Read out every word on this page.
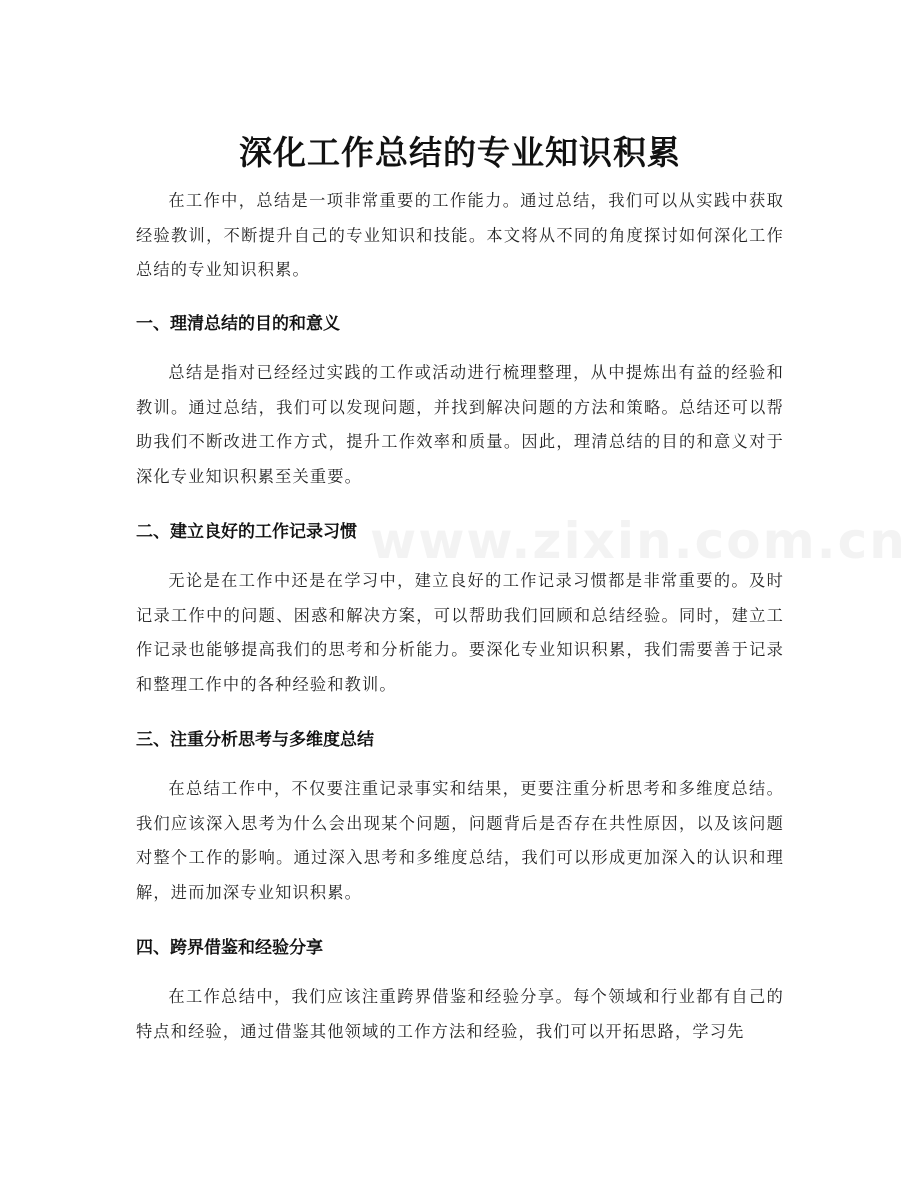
www.zixin.com.cn
深化工作总结的专业知识积累

在工作中，总结是一项非常重要的工作能力。通过总结，我们可以从实践中获取经验教训，不断提升自己的专业知识和技能。本文将从不同的角度探讨如何深化工作总结的专业知识积累。

一、理清总结的目的和意义

总结是指对已经经过实践的工作或活动进行梳理整理，从中提炼出有益的经验和教训。通过总结，我们可以发现问题，并找到解决问题的方法和策略。总结还可以帮助我们不断改进工作方式，提升工作效率和质量。因此，理清总结的目的和意义对于深化专业知识积累至关重要。

二、建立良好的工作记录习惯

无论是在工作中还是在学习中，建立良好的工作记录习惯都是非常重要的。及时记录工作中的问题、困惑和解决方案，可以帮助我们回顾和总结经验。同时，建立工作记录也能够提高我们的思考和分析能力。要深化专业知识积累，我们需要善于记录和整理工作中的各种经验和教训。

三、注重分析思考与多维度总结

在总结工作中，不仅要注重记录事实和结果，更要注重分析思考和多维度总结。我们应该深入思考为什么会出现某个问题，问题背后是否存在共性原因，以及该问题对整个工作的影响。通过深入思考和多维度总结，我们可以形成更加深入的认识和理解，进而加深专业知识积累。

四、跨界借鉴和经验分享

在工作总结中，我们应该注重跨界借鉴和经验分享。每个领域和行业都有自己的特点和经验，通过借鉴其他领域的工作方法和经验，我们可以开拓思路，学习先
